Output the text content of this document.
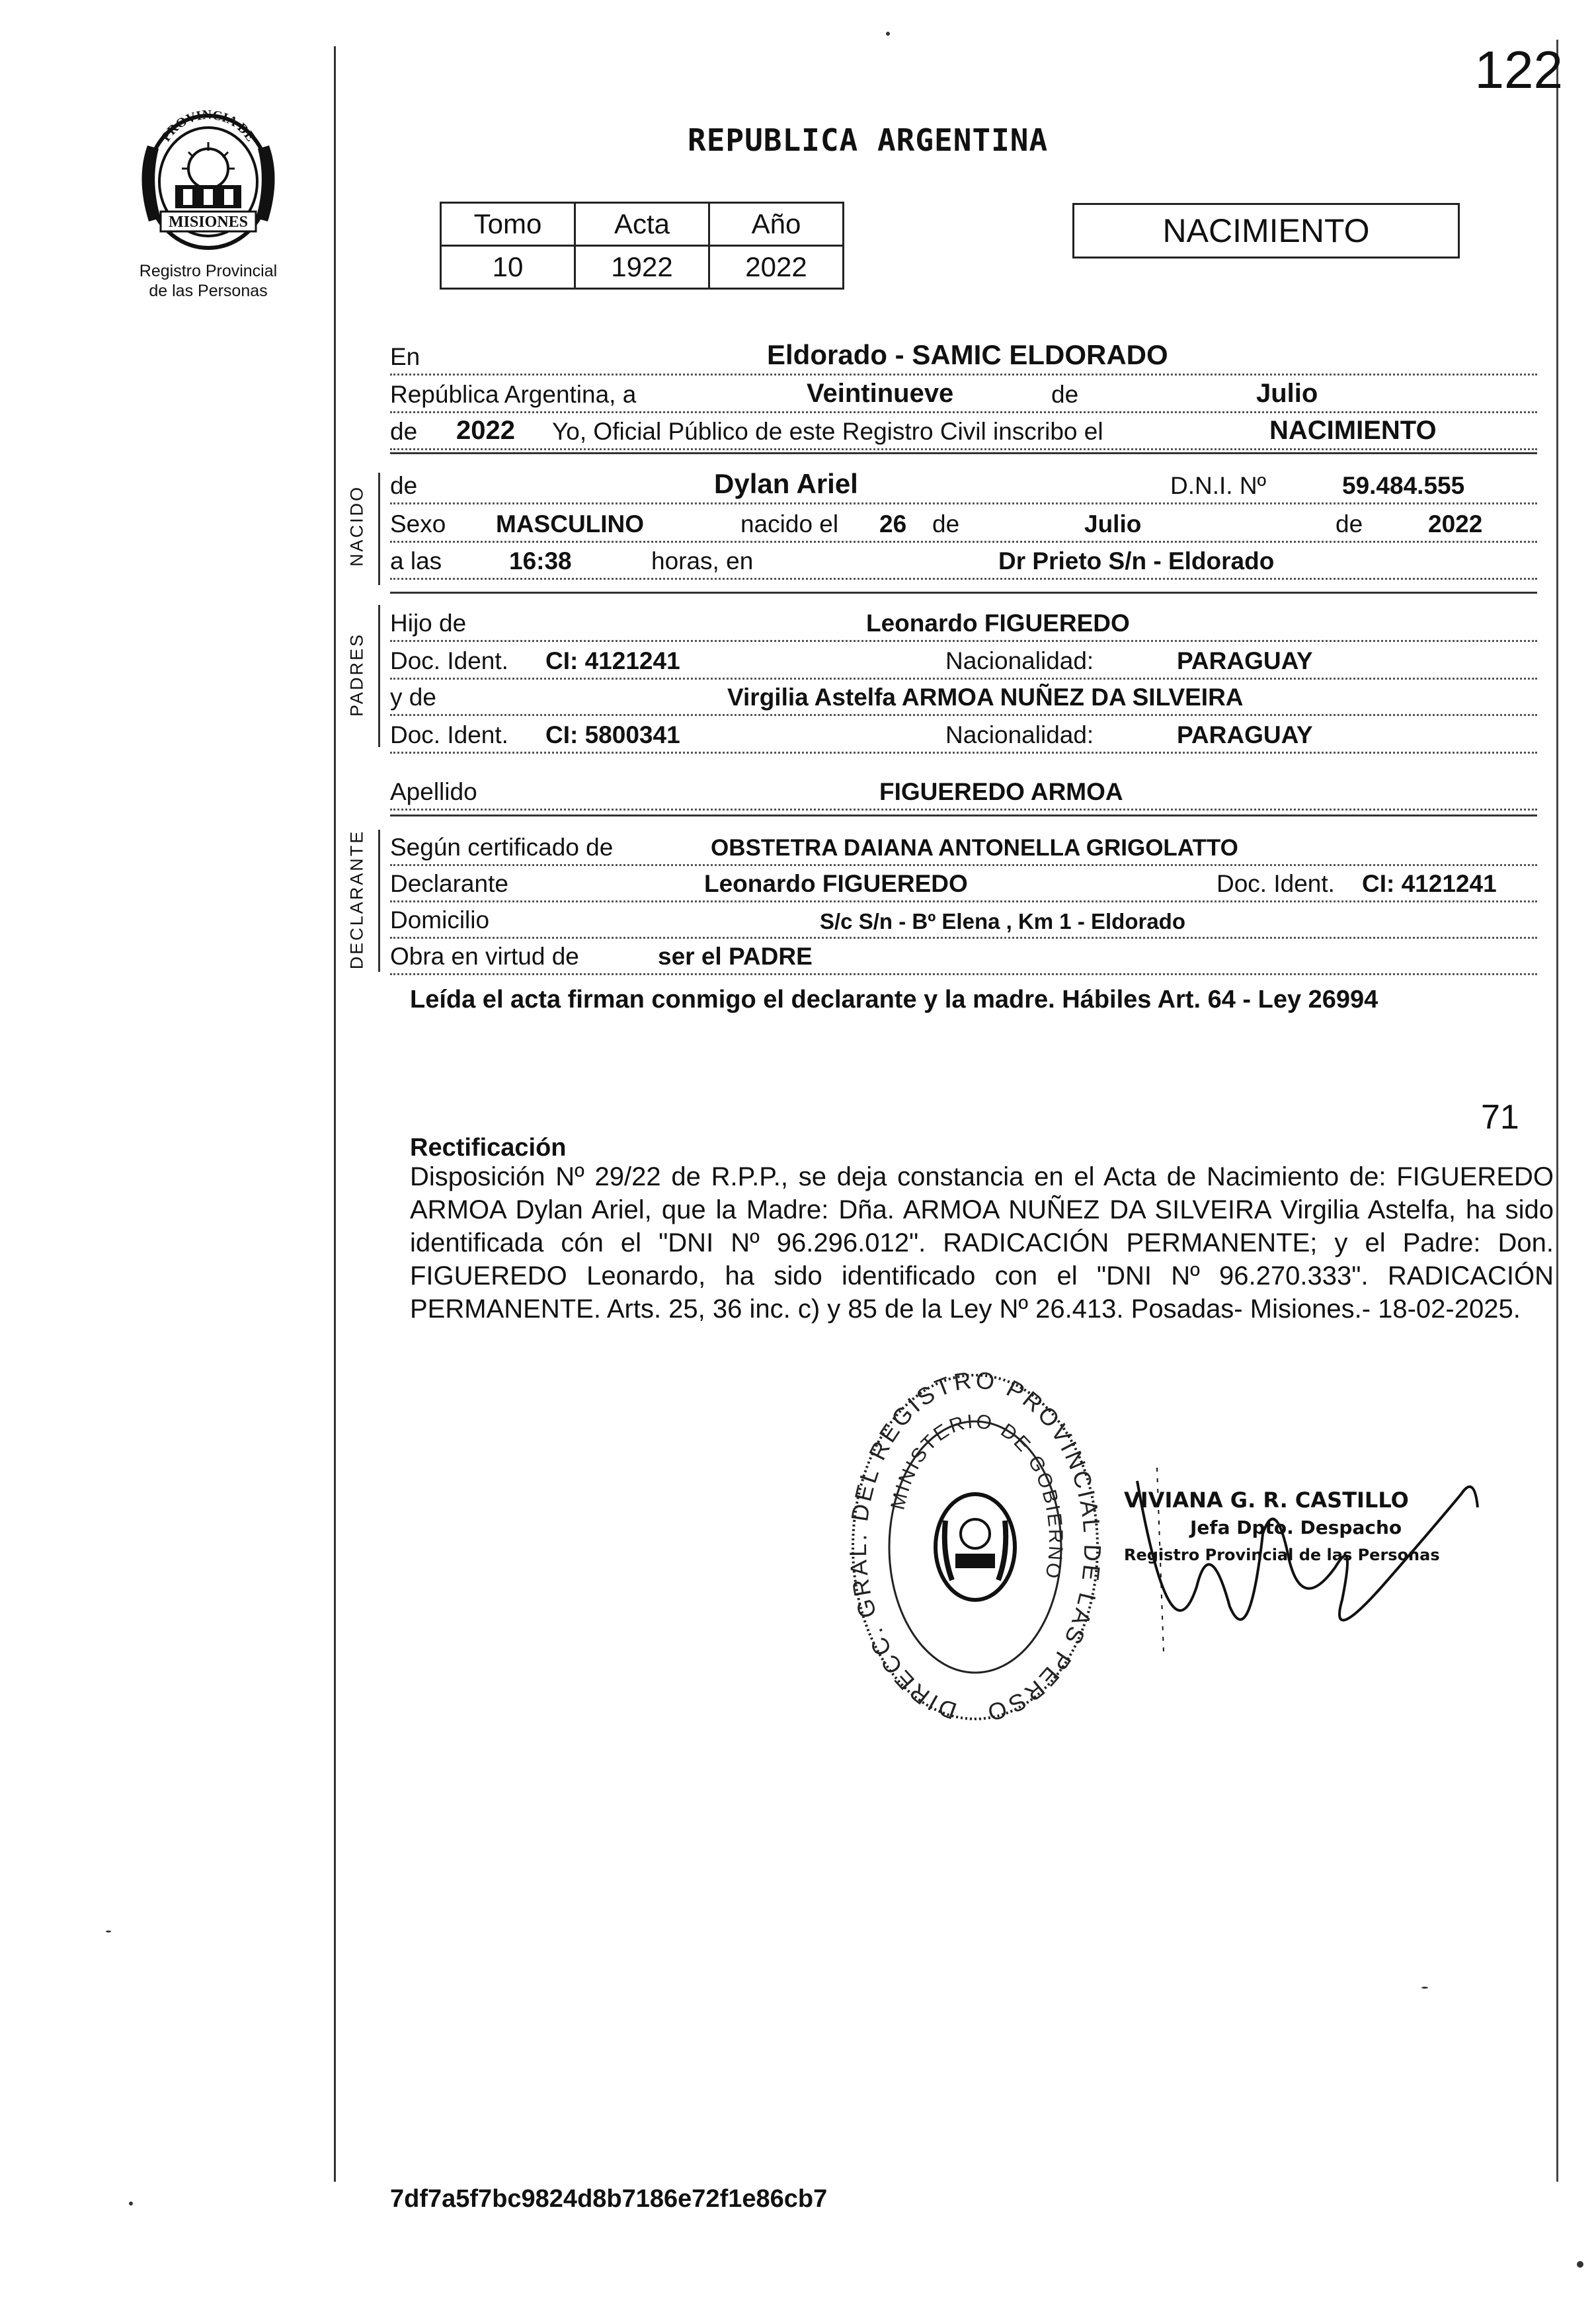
122
PROVINCIA DE
MISIONES
Registro Provincial
de las Personas
REPUBLICA ARGENTINA
Tomo	Acta	Año
10	1922	2022
NACIMIENTO
En	Eldorado - SAMIC ELDORADO
República Argentina, a	Veintinueve	de	Julio
de 2022 Yo, Oficial Público de este Registro Civil inscribo el	NACIMIENTO
NACIDO de	Dylan Ariel	D.N.I. Nº	59.484.555
Sexo MASCULINO	nacido el 26 de	Julio	de	2022
a las	16:38	horas, en	Dr Prieto S/n - Eldorado
PADRES
Hijo de	Leonardo FIGUEREDO
Doc. Ident. CI: 4121241	Nacionalidad:	PARAGUAY
y de	Virgilia Astelfa ARMOA NUÑEZ DA SILVEIRA
Doc. Ident. CI: 5800341	Nacionalidad:	PARAGUAY
Apellido	FIGUEREDO ARMOA
DECLARANTE Según certificado de	OBSTETRA DAIANA ANTONELLA GRIGOLATTO
Declarante	Leonardo FIGUEREDO	Doc. Ident. CI: 4121241
Domicilio	S/c S/n - Bº Elena , Km 1 - Eldorado
Obra en virtud de	ser el PADRE
Leída el acta firman conmigo el declarante y la madre. Hábiles Art. 64 - Ley 26994
71
Rectificación
Disposición Nº 29/22 de R.P.P., se deja constancia en el Acta de Nacimiento de: FIGUEREDO ARMOA Dylan Ariel, que la Madre: Dña. ARMOA NUÑEZ DA SILVEIRA Virgilia Astelfa, ha sido identificada cón el "DNI Nº 96.296.012". RADICACIÓN PERMANENTE; y el Padre: Don. FIGUEREDO Leonardo, ha sido identificado con el "DNI Nº 96.270.333". RADICACIÓN PERMANENTE. Arts. 25, 36 inc. c) y 85 de la Ley Nº 26.413. Posadas- Misiones.- 18-02-2025.
DIRECC. GRAL. DEL REGISTRO PROVINCIAL DE LAS PERSO
MINISTERIO DE GOBIERNO
VIVIANA G. R. CASTILLO
Jefa Dpto. Despacho
Registro Provincial de las Personas
7df7a5f7bc9824d8b7186e72f1e86cb7
